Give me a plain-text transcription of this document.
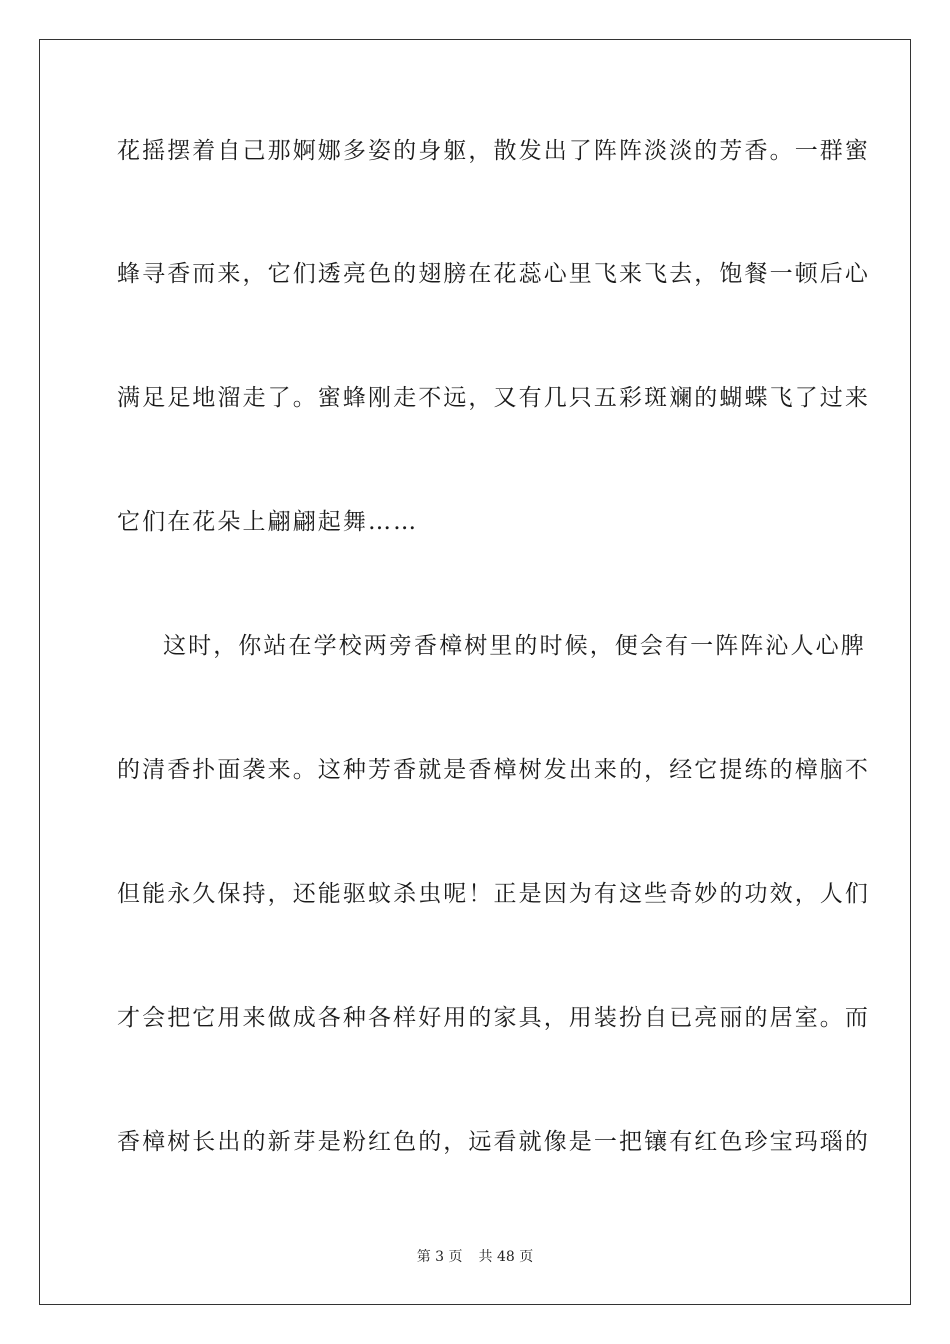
花摇摆着自己那婀娜多姿的身躯，散发出了阵阵淡淡的芳香。一群蜜
蜂寻香而来，它们透亮色的翅膀在花蕊心里飞来飞去，饱餐一顿后心
满足足地溜走了。蜜蜂刚走不远，又有几只五彩斑斓的蝴蝶飞了过来
它们在花朵上翩翩起舞……
这时，你站在学校两旁香樟树里的时候，便会有一阵阵沁人心脾
的清香扑面袭来。这种芳香就是香樟树发出来的，经它提练的樟脑不
但能永久保持，还能驱蚊杀虫呢！正是因为有这些奇妙的功效，人们
才会把它用来做成各种各样好用的家具，用装扮自已亮丽的居室。而
香樟树长出的新芽是粉红色的，远看就像是一把镶有红色珍宝玛瑙的
第 3 页 共 48 页
